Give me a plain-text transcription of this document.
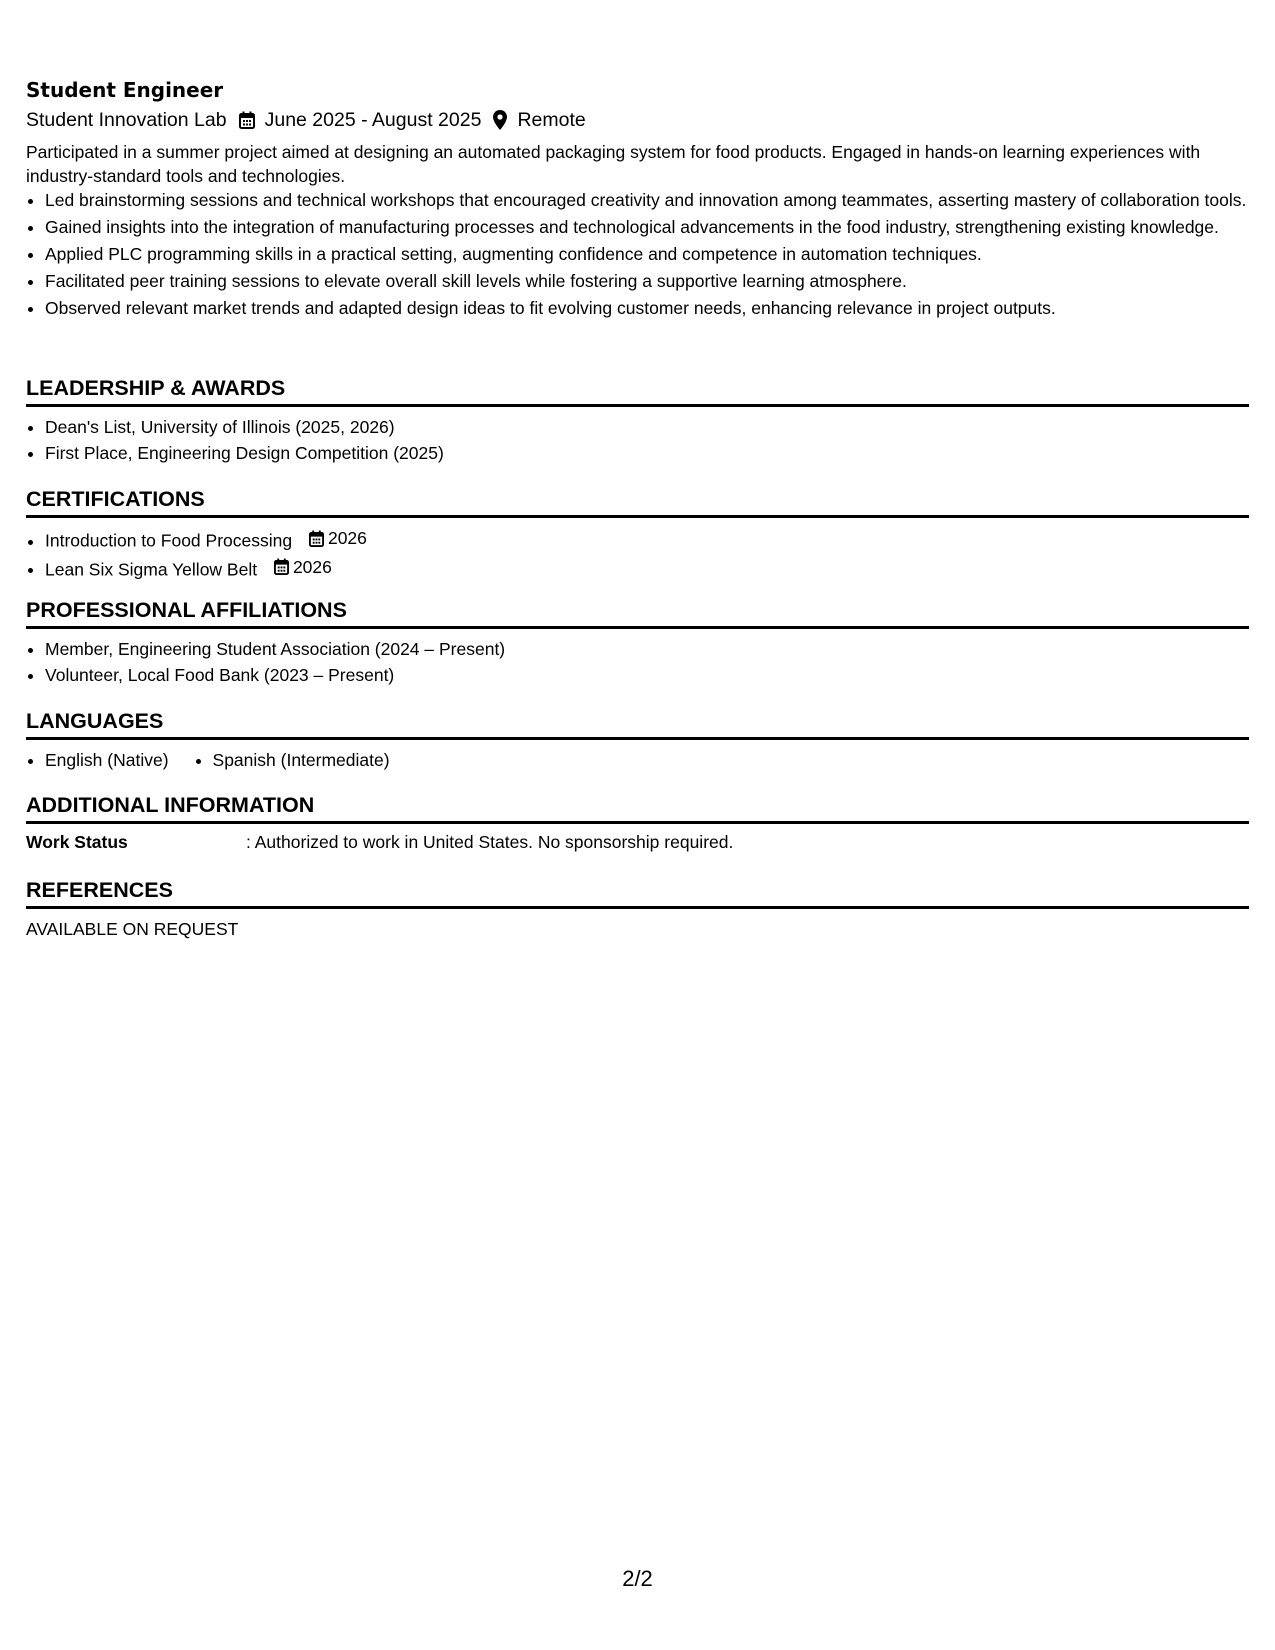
Student Engineer
Student Innovation Lab June 2025 - August 2025 Remote
Participated in a summer project aimed at designing an automated packaging system for food products. Engaged in hands-on learning experiences with industry-standard tools and technologies.
• Led brainstorming sessions and technical workshops that encouraged creativity and innovation among teammates, asserting mastery of collaboration tools.
• Gained insights into the integration of manufacturing processes and technological advancements in the food industry, strengthening existing knowledge.
• Applied PLC programming skills in a practical setting, augmenting confidence and competence in automation techniques.
• Facilitated peer training sessions to elevate overall skill levels while fostering a supportive learning atmosphere.
• Observed relevant market trends and adapted design ideas to fit evolving customer needs, enhancing relevance in project outputs.
LEADERSHIP & AWARDS
• Dean's List, University of Illinois (2025, 2026)
• First Place, Engineering Design Competition (2025)
CERTIFICATIONS
• Introduction to Food Processing 2026
• Lean Six Sigma Yellow Belt 2026
PROFESSIONAL AFFILIATIONS
• Member, Engineering Student Association (2024 – Present)
• Volunteer, Local Food Bank (2023 – Present)
LANGUAGES
• English (Native)
•	Spanish (Intermediate)
ADDITIONAL INFORMATION
Work Status	: Authorized to work in United States. No sponsorship required.
REFERENCES
AVAILABLE ON REQUEST
2/2
